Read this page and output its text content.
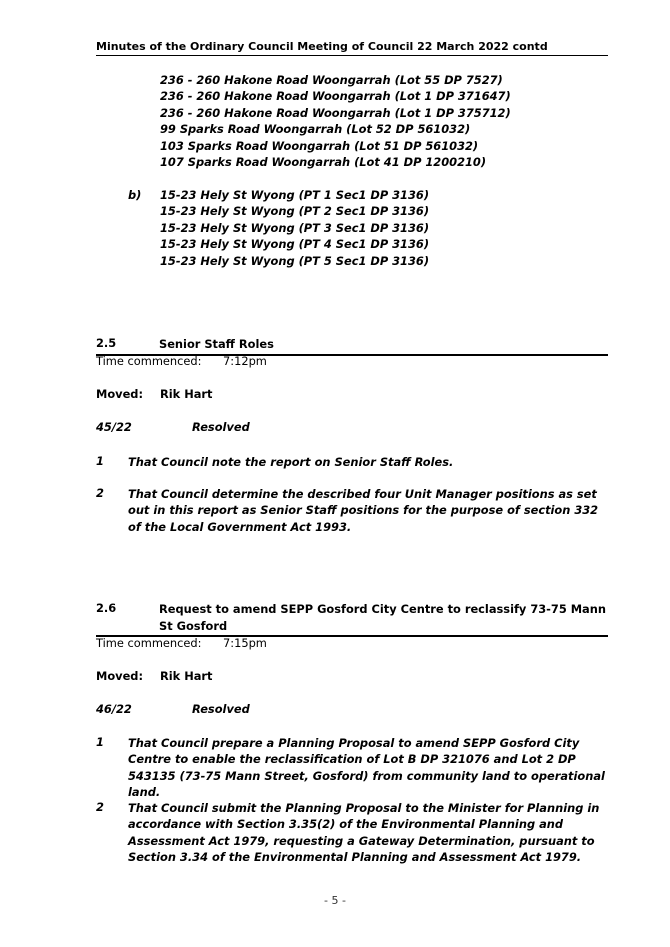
Minutes of the Ordinary Council Meeting of Council 22 March 2022 contd
236 - 260 Hakone Road Woongarrah (Lot 55 DP 7527)
236 - 260 Hakone Road Woongarrah (Lot 1 DP 371647)
236 - 260 Hakone Road Woongarrah (Lot 1 DP 375712)
99 Sparks Road Woongarrah (Lot 52 DP 561032)
103 Sparks Road Woongarrah (Lot 51 DP 561032)
107 Sparks Road Woongarrah (Lot 41 DP 1200210)
b) 15-23 Hely St Wyong (PT 1 Sec1 DP 3136)
15-23 Hely St Wyong (PT 2 Sec1 DP 3136)
15-23 Hely St Wyong (PT 3 Sec1 DP 3136)
15-23 Hely St Wyong (PT 4 Sec1 DP 3136)
15-23 Hely St Wyong (PT 5 Sec1 DP 3136)
2.5	Senior Staff Roles
Time commenced: 7:12pm
Moved: Rik Hart
45/22	Resolved
1 That Council note the report on Senior Staff Roles.
2 That Council determine the described four Unit Manager positions as set out in this report as Senior Staff positions for the purpose of section 332 of the Local Government Act 1993.
2.6	Request to amend SEPP Gosford City Centre to reclassify 73-75 Mann St Gosford
Time commenced: 7:15pm
Moved: Rik Hart
46/22	Resolved
1 That Council prepare a Planning Proposal to amend SEPP Gosford City Centre to enable the reclassification of Lot B DP 321076 and Lot 2 DP 543135 (73-75 Mann Street, Gosford) from community land to operational land.
2 That Council submit the Planning Proposal to the Minister for Planning in accordance with Section 3.35(2) of the Environmental Planning and Assessment Act 1979, requesting a Gateway Determination, pursuant to Section 3.34 of the Environmental Planning and Assessment Act 1979.
- 5 -
